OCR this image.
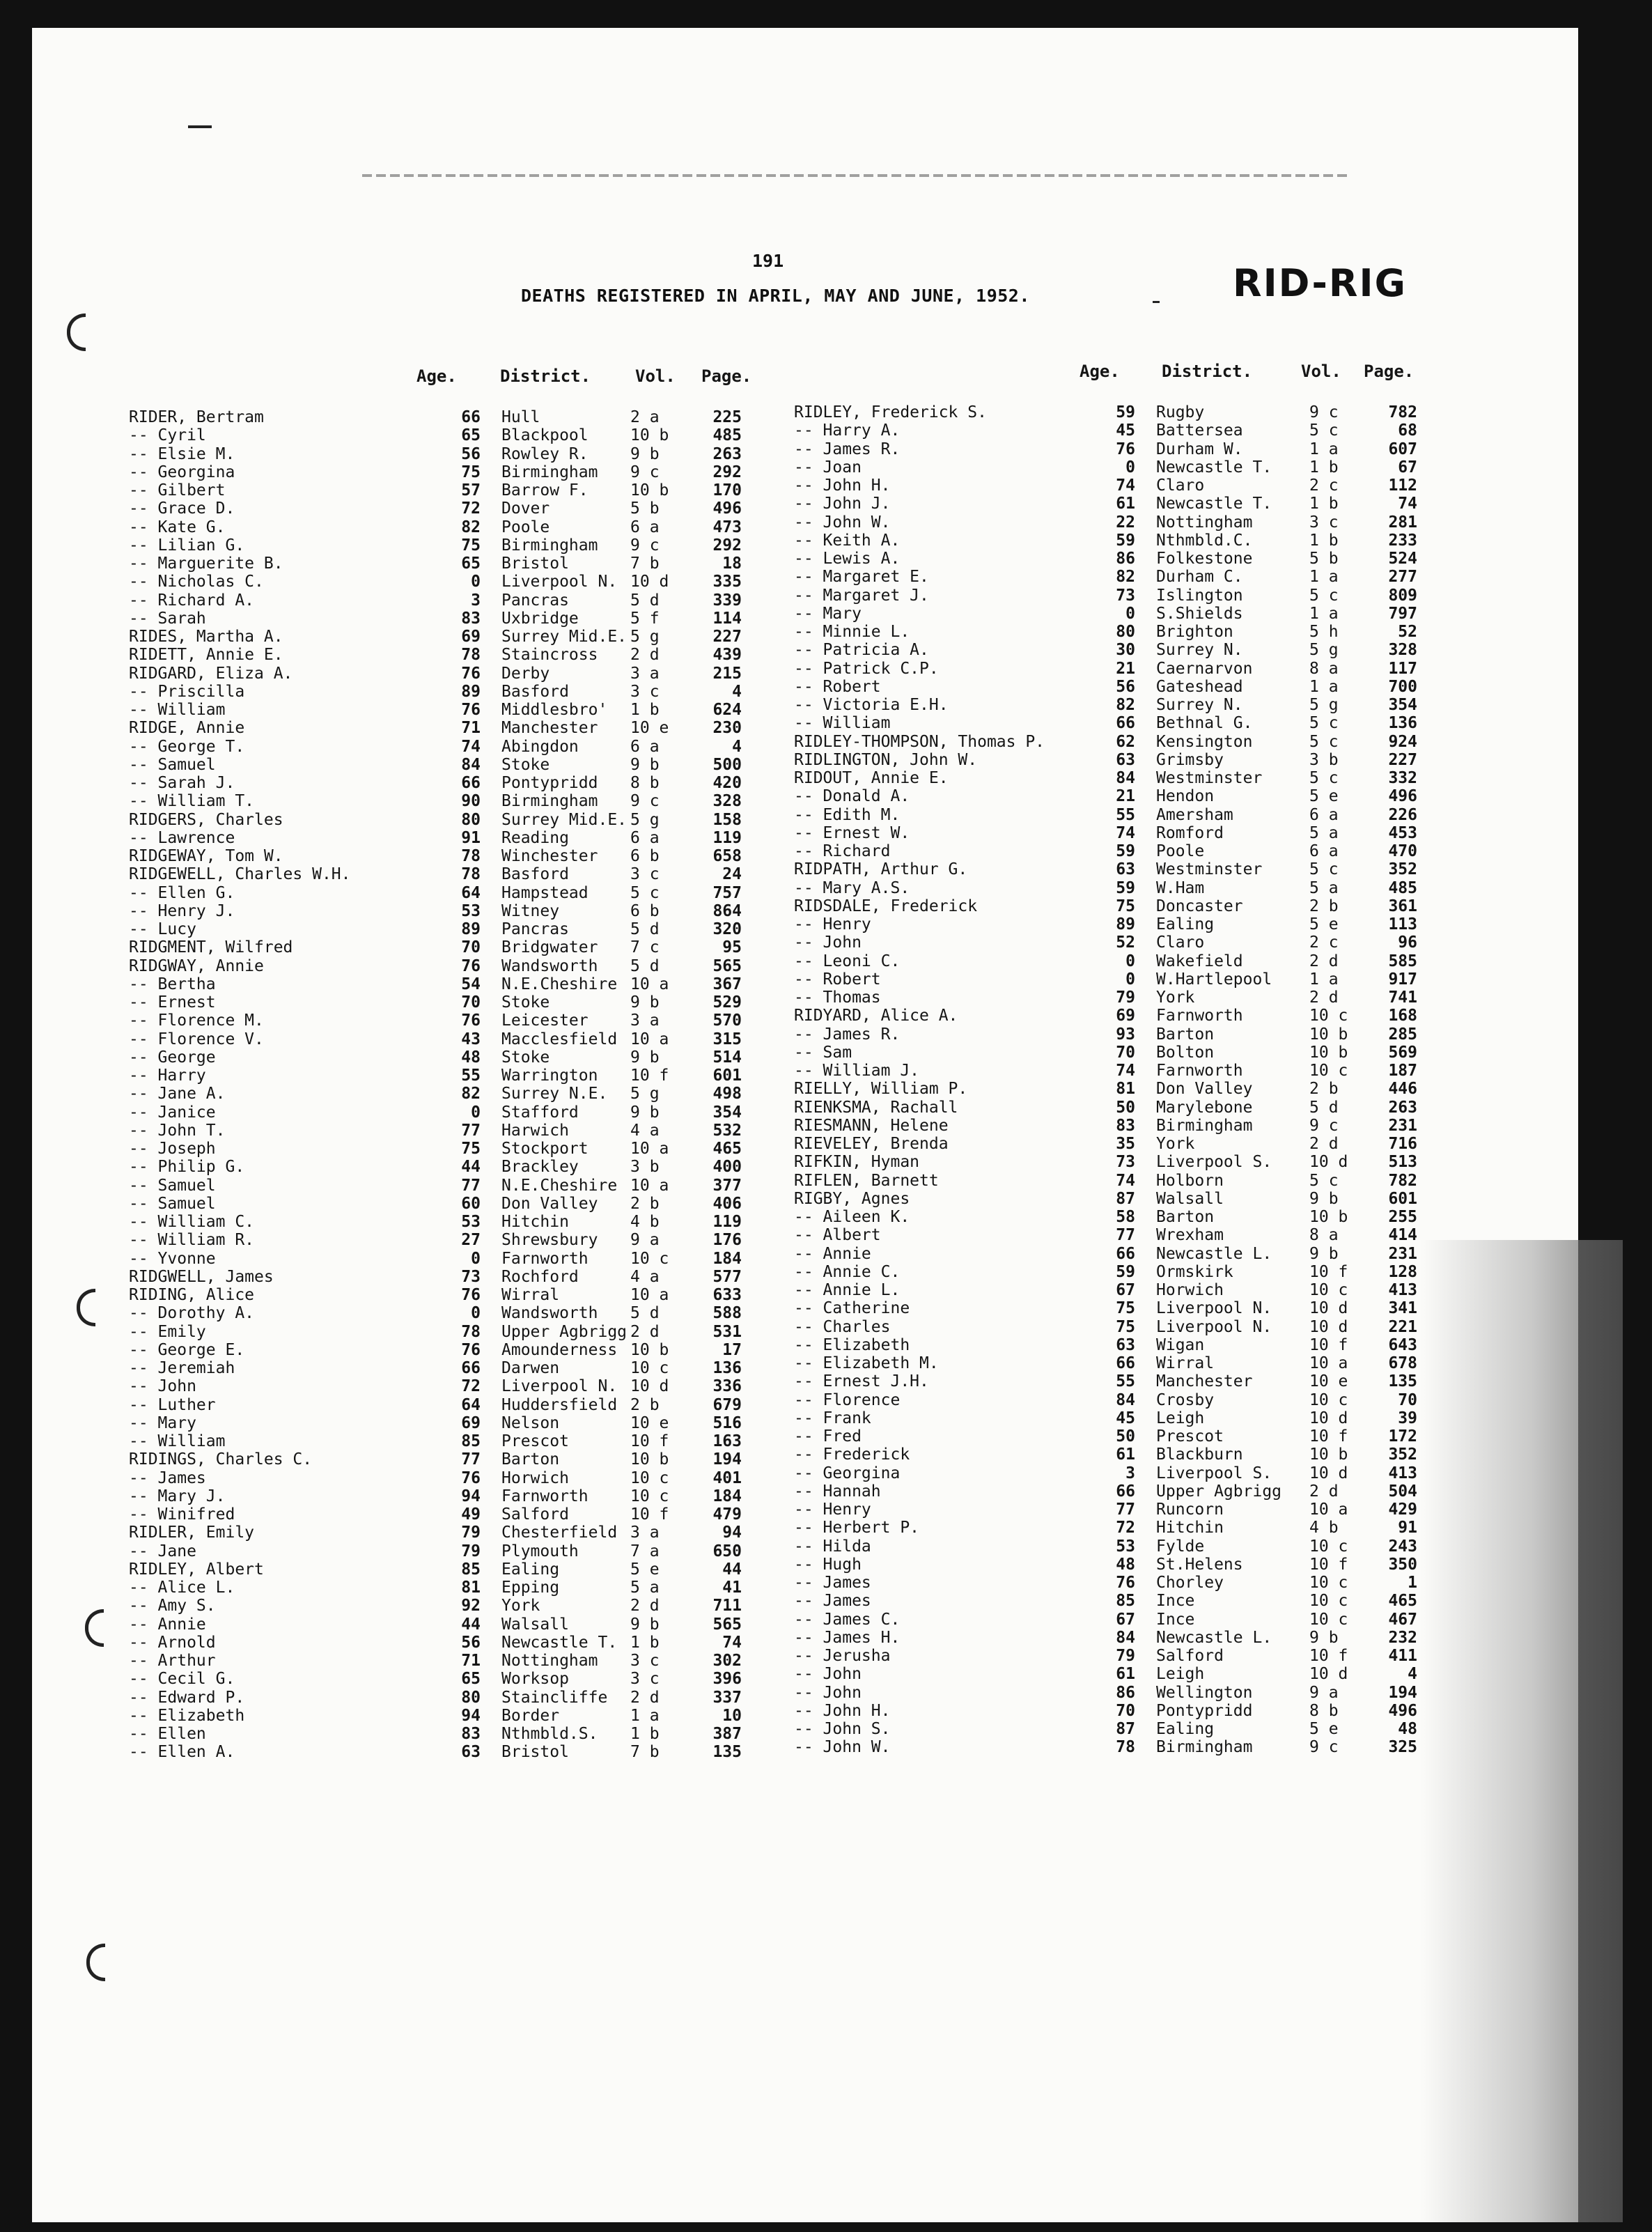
191
DEATHS REGISTERED IN APRIL, MAY AND JUNE, 1952.	RID-RIG
Age.	District.	Vol.	Page.
RIDER, Bertram	66 Hull	2 a	225
-- Cyril	65 Blackpool	10 b	485
-- Elsie M.	56 Rowley R.	9 b	263
-- Georgina	75 Birmingham 9 c	292
-- Gilbert	57 Barrow F.	10 b	170
-- Grace D.	72 Dover	5 b	496
-- Kate G.	82 Poole	6 a	473
-- Lilian G.	75 Birmingham 9 c	292
-- Marguerite B.	65 Bristol	7 b	18
-- Nicholas C.	0 Liverpool N. 10 d	335
-- Richard A.	3 Pancras	5 d	339
-- Sarah	83 Uxbridge	5 f	114
RIDES, Martha A.	69 Surrey Mid.E. 5 g	227
RIDETT, Annie E.	78 Staincross 2 d	439
RIDGARD, Eliza A.	76 Derby	3 a	215
-- Priscilla	89 Basford	3 c	4
-- William	76 Middlesbro' 1 b	624
RIDGE, Annie	71 Manchester 10 e	230
-- George T.	74 Abingdon	6 a	4
-- Samuel	84 Stoke	9 b	500
-- Sarah J.	66 Pontypridd 8 b	420
-- William T.	90 Birmingham 9 c	328
RIDGERS, Charles	80 Surrey Mid.E. 5 g	158
-- Lawrence	91 Reading	6 a	119
RIDGEWAY, Tom W.	78 Winchester 6 b	658
RIDGEWELL, Charles W.H.	78 Basford	3 c	24
-- Ellen G.	64 Hampstead	5 c	757
-- Henry J.	53 Witney	6 b	864
-- Lucy	89 Pancras	5 d	320
RIDGMENT, Wilfred	70 Bridgwater 7 c	95
RIDGWAY, Annie	76 Wandsworth 5 d	565
-- Bertha	54 N.E.Cheshire 10 a	367
-- Ernest	70 Stoke	9 b	529
-- Florence M.	76 Leicester	3 a	570
-- Florence V.	43 Macclesfield 10 a	315
-- George	48 Stoke	9 b	514
-- Harry	55 Warrington 10 f	601
-- Jane A.	82 Surrey N.E. 5 g	498
-- Janice	0 Stafford	9 b	354
-- John T.	77 Harwich	4 a	532
-- Joseph	75 Stockport	10 a	465
-- Philip G.	44 Brackley	3 b	400
-- Samuel	77 N.E.Cheshire 10 a	377
-- Samuel	60 Don Valley 2 b	406
-- William C.	53 Hitchin	4 b	119
-- William R.	27 Shrewsbury 9 a	176
-- Yvonne	0 Farnworth	10 c	184
RIDGWELL, James	73 Rochford	4 a	577
RIDING, Alice	76 Wirral	10 a	633
-- Dorothy A.	0 Wandsworth 5 d	588
-- Emily	78 Upper Agbrigg 2 d	531
-- George E.	76 Amounderness 10 b	17
-- Jeremiah	66 Darwen	10 c	136
-- John	72 Liverpool N. 10 d	336
-- Luther	64 Huddersfield 2 b	679
-- Mary	69 Nelson	10 e	516
-- William	85 Prescot	10 f	163
RIDINGS, Charles C.	77 Barton	10 b	194
-- James	76 Horwich	10 c	401
-- Mary J.	94 Farnworth	10 c	184
-- Winifred	49 Salford	10 f	479
RIDLER, Emily	79 Chesterfield 3 a	94
-- Jane	79 Plymouth	7 a	650
RIDLEY, Albert	85 Ealing	5 e	44
-- Alice L.	81 Epping	5 a	41
-- Amy S.	92 York	2 d	711
-- Annie	44 Walsall	9 b	565
-- Arnold	56 Newcastle T. 1 b	74
-- Arthur	71 Nottingham 3 c	302
-- Cecil G.	65 Worksop	3 c	396
-- Edward P.	80 Staincliffe 2 d	337
-- Elizabeth	94 Border	1 a	10
-- Ellen	83 Nthmbld.S. 1 b	387
-- Ellen A.	63 Bristol	7 b	135
Age.	District.	Vol.	Page.
RIDLEY, Frederick S.	59 Rugby	9 c	782
-- Harry A.	45 Battersea	5 c	68
-- James R.	76 Durham W.	1 a	607
-- Joan	0 Newcastle T. 1 b	67
-- John H.	74 Claro	2 c	112
-- John J.	61 Newcastle T. 1 b	74
-- John W.	22 Nottingham	3 c	281
-- Keith A.	59 Nthmbld.C.	1 b	233
-- Lewis A.	86 Folkestone	5 b	524
-- Margaret E.	82 Durham C.	1 a	277
-- Margaret J.	73 Islington	5 c	809
-- Mary	0 S.Shields	1 a	797
-- Minnie L.	80 Brighton	5 h	52
-- Patricia A.	30 Surrey N.	5 g	328
-- Patrick C.P.	21 Caernarvon	8 a	117
-- Robert	56 Gateshead	1 a	700
-- Victoria E.H.	82 Surrey N.	5 g	354
-- William	66 Bethnal G.	5 c	136
RIDLEY-THOMPSON, Thomas P.	62 Kensington	5 c	924
RIDLINGTON, John W.	63 Grimsby	3 b	227
RIDOUT, Annie E.	84 Westminster	5 c	332
-- Donald A.	21 Hendon	5 e	496
-- Edith M.	55 Amersham	6 a	226
-- Ernest W.	74 Romford	5 a	453
-- Richard	59 Poole	6 a	470
RIDPATH, Arthur G.	63 Westminster	5 c	352
-- Mary A.S.	59 W.Ham	5 a	485
RIDSDALE, Frederick	75 Doncaster	2 b	361
-- Henry	89 Ealing	5 e	113
-- John	52 Claro	2 c	96
-- Leoni C.	0 Wakefield	2 d	585
-- Robert	0 W.Hartlepool 1 a	917
-- Thomas	79 York	2 d	741
RIDYARD, Alice A.	69 Farnworth	10 c	168
-- James R.	93 Barton	10 b	285
-- Sam	70 Bolton	10 b	569
-- William J.	74 Farnworth	10 c	187
RIELLY, William P.	81 Don Valley	2 b	446
RIENKSMA, Rachall	50 Marylebone	5 d	263
RIESMANN, Helene	83 Birmingham	9 c	231
RIEVELEY, Brenda	35 York	2 d	716
RIFKIN, Hyman	73 Liverpool S. 10 d	513
RIFLEN, Barnett	74 Holborn	5 c	782
RIGBY, Agnes	87 Walsall	9 b	601
-- Aileen K.	58 Barton	10 b	255
-- Albert	77 Wrexham	8 a	414
-- Annie	66 Newcastle L. 9 b	231
-- Annie C.	59 Ormskirk	10 f	128
-- Annie L.	67 Horwich	10 c	413
-- Catherine	75 Liverpool N. 10 d	341
-- Charles	75 Liverpool N. 10 d	221
-- Elizabeth	63 Wigan	10 f	643
-- Elizabeth M.	66 Wirral	10 a	678
-- Ernest J.H.	55 Manchester	10 e	135
-- Florence	84 Crosby	10 c	70
-- Frank	45 Leigh	10 d	39
-- Fred	50 Prescot	10 f	172
-- Frederick	61 Blackburn	10 b	352
-- Georgina	3 Liverpool S. 10 d	413
-- Hannah	66 Upper Agbrigg 2 d	504
-- Henry	77 Runcorn	10 a	429
-- Herbert P.	72 Hitchin	4 b	91
-- Hilda	53 Fylde	10 c	243
-- Hugh	48 St.Helens	10 f	350
-- James	76 Chorley	10 c	1
-- James	85 Ince	10 c	465
-- James C.	67 Ince	10 c	467
-- James H.	84 Newcastle L. 9 b	232
-- Jerusha	79 Salford	10 f	411
-- John	61 Leigh	10 d	4
-- John	86 Wellington	9 a	194
-- John H.	70 Pontypridd	8 b	496
-- John S.	87 Ealing	5 e	48
-- John W.	78 Birmingham	9 c	325
